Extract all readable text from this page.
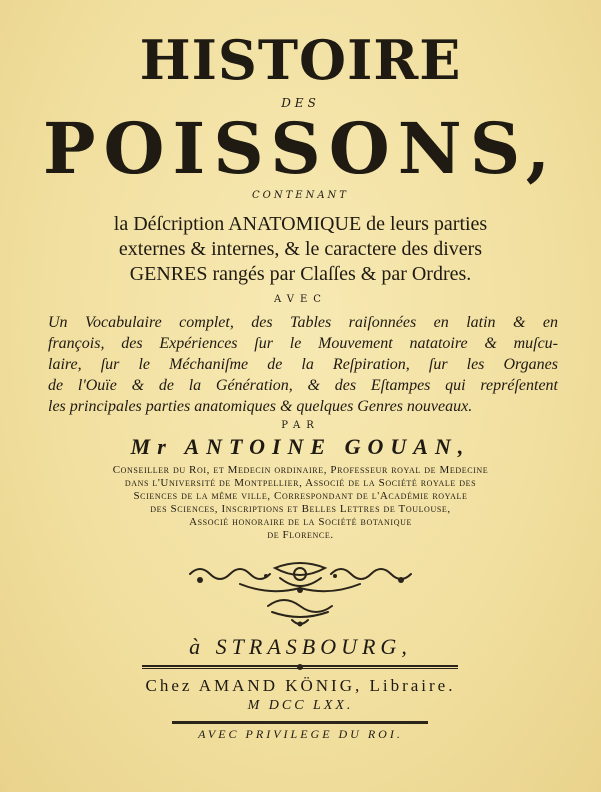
HISTOIRE
DES
POISSONS,
CONTENANT
la Déſcription ANATOMIQUE de leurs parties
externes & internes, & le caractere des divers
GENRES rangés par Claſſes & par Ordres.
AVEC
Un Vocabulaire complet, des Tables raiſonnées en latin & en
françois, des Expériences ſur le Mouvement natatoire & muſcu-
laire, ſur le Méchaniſme de la Reſpiration, ſur les Organes
de l'Ouïe & de la Génération, & des Eſtampes qui repréſentent
les principales parties anatomiques & quelques Genres nouveaux.
PAR
Mr ANTOINE GOUAN,
Conseiller du Roi, et Medecin ordinaire, Professeur royal de Medecine
dans l'Université de Montpellier, Associé de la Société royale des
Sciences de la même ville, Correspondant de l'Académie royale
des Sciences, Inscriptions et Belles Lettres de Toulouse,
Associé honoraire de la Société botanique
de Florence.
à STRASBOURG,
Chez AMAND KÖNIG, Libraire.
M DCC LXX.
AVEC PRIVILEGE DU ROI.
